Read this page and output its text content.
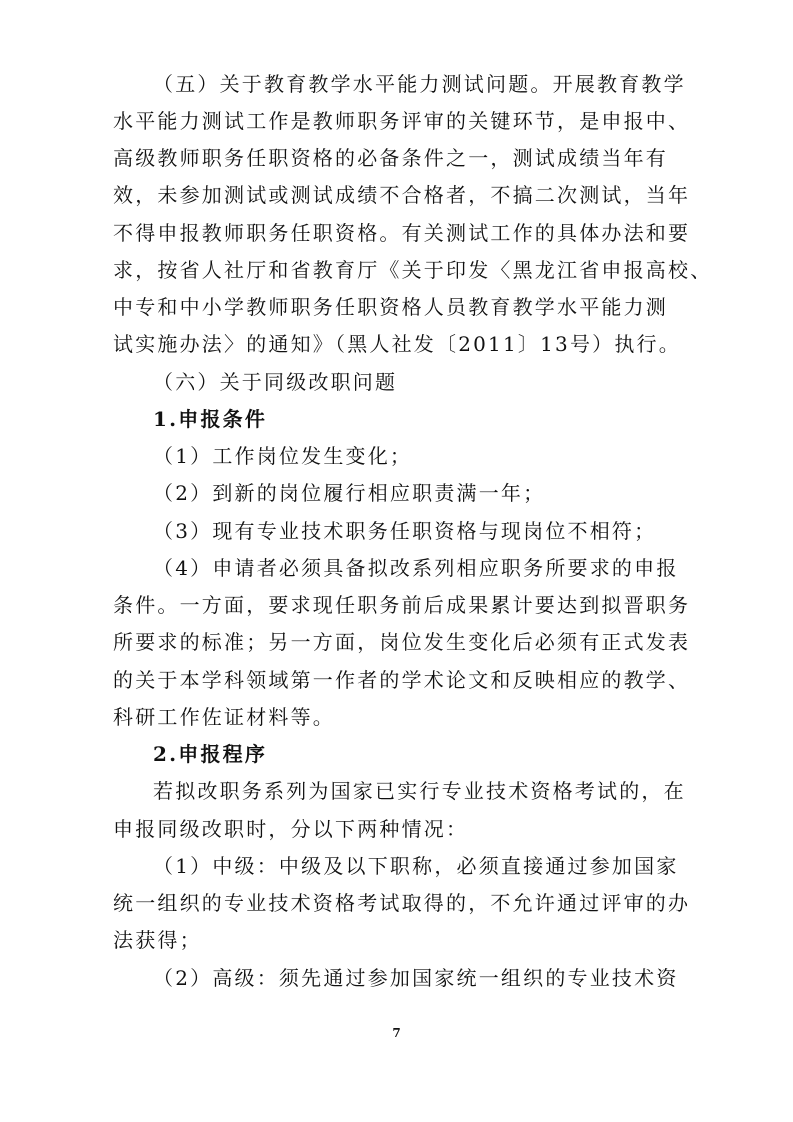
（五）关于教育教学水平能力测试问题。开展教育教学
水平能力测试工作是教师职务评审的关键环节，是申报中、
高级教师职务任职资格的必备条件之一，测试成绩当年有
效，未参加测试或测试成绩不合格者，不搞二次测试，当年
不得申报教师职务任职资格。有关测试工作的具体办法和要
求，按省人社厅和省教育厅《关于印发〈黑龙江省申报高校、
中专和中小学教师职务任职资格人员教育教学水平能力测
试实施办法〉的通知》（黑人社发〔2011〕13号）执行。
（六）关于同级改职问题
1.申报条件
（1）工作岗位发生变化；
（2）到新的岗位履行相应职责满一年；
（3）现有专业技术职务任职资格与现岗位不相符；
（4）申请者必须具备拟改系列相应职务所要求的申报
条件。一方面，要求现任职务前后成果累计要达到拟晋职务
所要求的标准；另一方面，岗位发生变化后必须有正式发表
的关于本学科领域第一作者的学术论文和反映相应的教学、
科研工作佐证材料等。
2.申报程序
若拟改职务系列为国家已实行专业技术资格考试的，在
申报同级改职时，分以下两种情况：
（1）中级：中级及以下职称，必须直接通过参加国家
统一组织的专业技术资格考试取得的，不允许通过评审的办
法获得；
（2）高级：须先通过参加国家统一组织的专业技术资
7
